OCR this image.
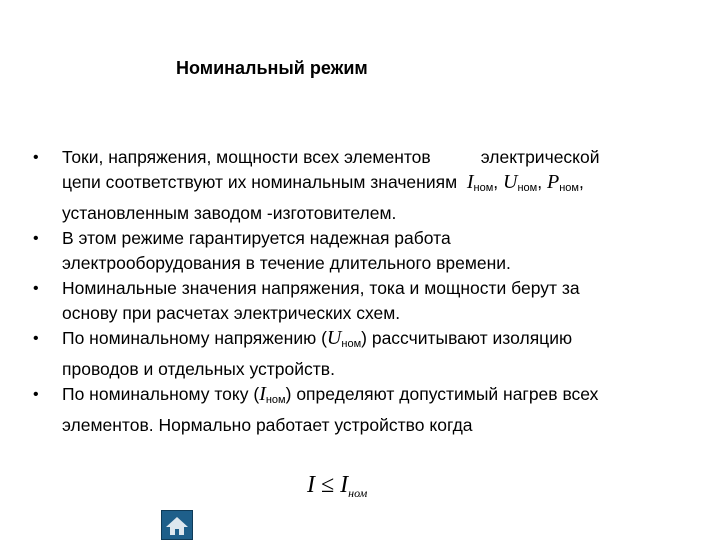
Номинальный режим
• Токи, напряжения, мощности всех элементов	электрической
цепи соответствуют их номинальным значениям $I_{ном}$, $U_{ном}$, $P_{ном}$,
установленным заводом -изготовителем.
• В этом режиме гарантируется надежная работа
электрооборудования в течение длительного времени.
• Номинальные значения напряжения, тока и мощности берут за
основу при расчетах электрических схем.
• По номинальному напряжению $(U_{ном})$ рассчитывают изоляцию
проводов и отдельных устройств.
• По номинальному току $(I_{ном})$ определяют допустимый нагрев всех
элементов. Нормально работает устройство когда
$I \le I_{ном}$
